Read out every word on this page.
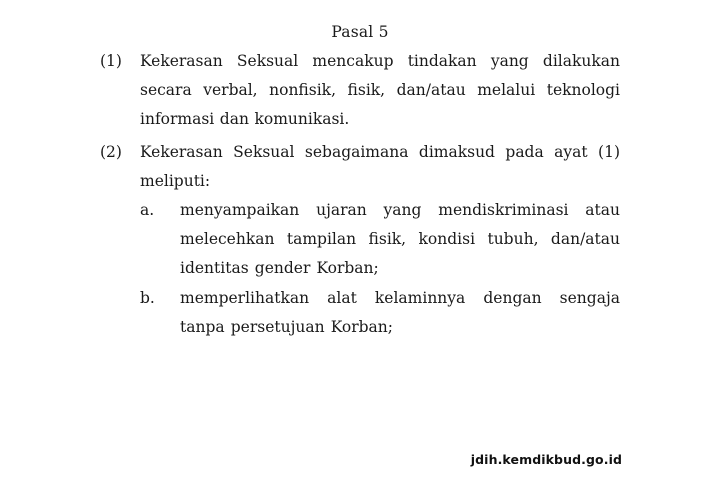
Pasal 5
(1) Kekerasan Seksual mencakup tindakan yang dilakukan secara verbal, nonfisik, fisik, dan/atau melalui teknologi informasi dan komunikasi.
(2) Kekerasan Seksual sebagaimana dimaksud pada ayat (1) meliputi:
a. menyampaikan ujaran yang mendiskriminasi atau melecehkan tampilan fisik, kondisi tubuh, dan/atau identitas gender Korban;
b. memperlihatkan alat kelaminnya dengan sengaja tanpa persetujuan Korban;
jdih.kemdikbud.go.id
